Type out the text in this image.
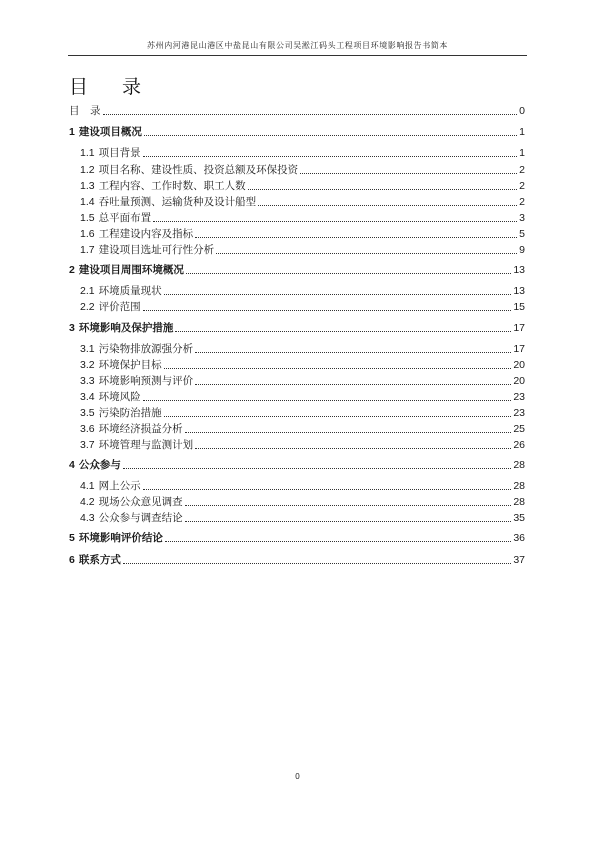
苏州内河港昆山港区中盐昆山有限公司吴淞江码头工程项目环境影响报告书简本
目 录
目　录	0
1 建设项目概况	1
1.1 项目背景	1
1.2 项目名称、建设性质、投资总额及环保投资	2
1.3 工程内容、工作时数、职工人数	2
1.4 吞吐量预测、运输货种及设计船型	2
1.5 总平面布置	3
1.6 工程建设内容及指标	5
1.7 建设项目选址可行性分析	9
2 建设项目周围环境概况	13
2.1 环境质量现状	13
2.2 评价范围	15
3 环境影响及保护措施	17
3.1 污染物排放源强分析	17
3.2 环境保护目标	20
3.3 环境影响预测与评价	20
3.4 环境风险	23
3.5 污染防治措施	23
3.6 环境经济损益分析	25
3.7 环境管理与监测计划	26
4 公众参与	28
4.1 网上公示	28
4.2 现场公众意见调查	28
4.3 公众参与调查结论	35
5 环境影响评价结论	36
6 联系方式	37
0
